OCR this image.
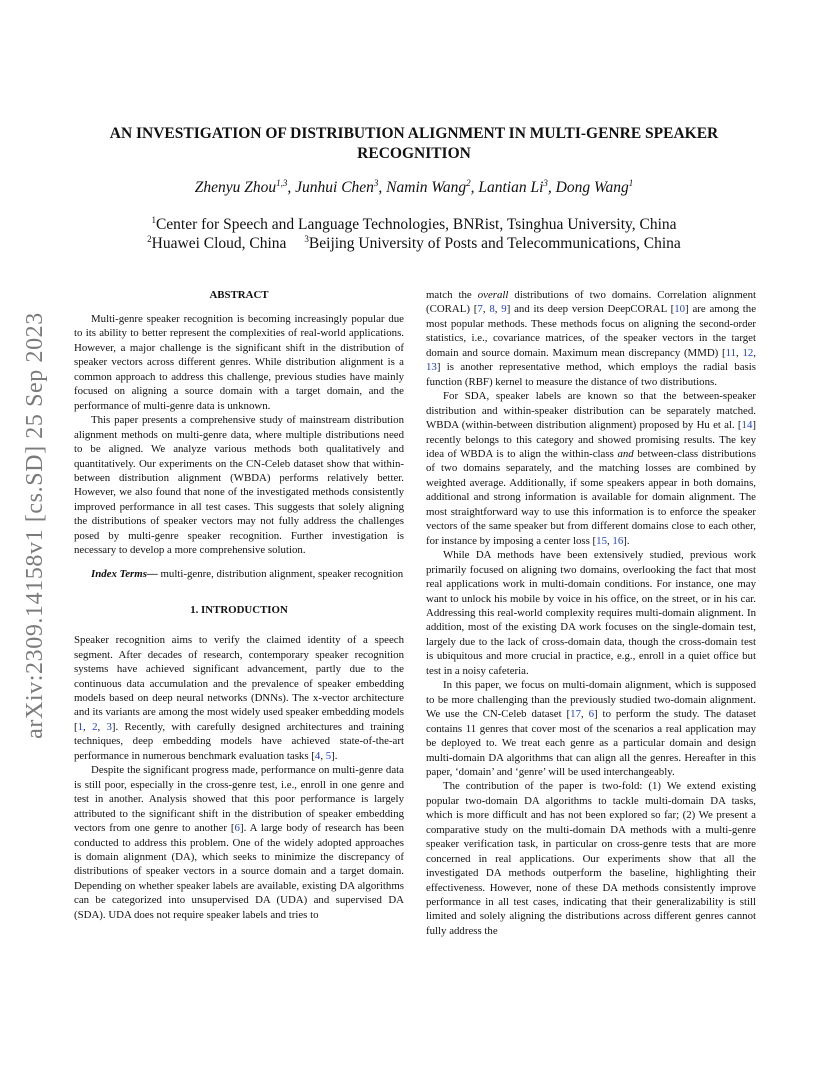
arXiv:2309.14158v1 [cs.SD] 25 Sep 2023
AN INVESTIGATION OF DISTRIBUTION ALIGNMENT IN MULTI-GENRE SPEAKER
RECOGNITION
Zhenyu Zhou$^{1,3}$, Junhui Chen$^3$, Namin Wang$^2$, Lantian Li$^3$, Dong Wang$^1$
$^1$Center for Speech and Language Technologies, BNRist, Tsinghua University, China
$^2$Huawei Cloud, China $^3$Beijing University of Posts and Telecommunications, China
ABSTRACT

Multi-genre speaker recognition is becoming increasingly popular due to its ability to better represent the complexities of real-world applications. However, a major challenge is the significant shift in the distribution of speaker vectors across different genres. While distribution alignment is a common approach to address this challenge, previous studies have mainly focused on aligning a source domain with a target domain, and the performance of multi-genre data is unknown.

This paper presents a comprehensive study of mainstream distribution alignment methods on multi-genre data, where multiple distributions need to be aligned. We analyze various methods both qualitatively and quantitatively. Our experiments on the CN-Celeb dataset show that within-between distribution alignment (WBDA) performs relatively better. However, we also found that none of the investigated methods consistently improved performance in all test cases. This suggests that solely aligning the distributions of speaker vectors may not fully address the challenges posed by multi-genre speaker recognition. Further investigation is necessary to develop a more comprehensive solution.

Index Terms— multi-genre, distribution alignment, speaker recognition

1. INTRODUCTION

Speaker recognition aims to verify the claimed identity of a speech segment. After decades of research, contemporary speaker recognition systems have achieved significant advancement, partly due to the continuous data accumulation and the prevalence of speaker embedding models based on deep neural networks (DNNs). The x-vector architecture and its variants are among the most widely used speaker embedding models [1, 2, 3]. Recently, with carefully designed architectures and training techniques, deep embedding models have achieved state-of-the-art performance in numerous benchmark evaluation tasks [4, 5].

Despite the significant progress made, performance on multi-genre data is still poor, especially in the cross-genre test, i.e., enroll in one genre and test in another. Analysis showed that this poor performance is largely attributed to the significant shift in the distribution of speaker embedding vectors from one genre to another [6]. A large body of research has been conducted to address this problem. One of the widely adopted approaches is domain alignment (DA), which seeks to minimize the discrepancy of distributions of speaker vectors in a source domain and a target domain. Depending on whether speaker labels are available, existing DA algorithms can be categorized into unsupervised DA (UDA) and supervised DA (SDA). UDA does not require speaker labels and tries to

match the overall distributions of two domains. Correlation alignment (CORAL) [7, 8, 9] and its deep version DeepCORAL [10] are among the most popular methods. These methods focus on aligning the second-order statistics, i.e., covariance matrices, of the speaker vectors in the target domain and source domain. Maximum mean discrepancy (MMD) [11, 12, 13] is another representative method, which employs the radial basis function (RBF) kernel to measure the distance of two distributions.

For SDA, speaker labels are known so that the between-speaker distribution and within-speaker distribution can be separately matched. WBDA (within-between distribution alignment) proposed by Hu et al. [14] recently belongs to this category and showed promising results. The key idea of WBDA is to align the within-class and between-class distributions of two domains separately, and the matching losses are combined by weighted average. Additionally, if some speakers appear in both domains, additional and strong information is available for domain alignment. The most straightforward way to use this information is to enforce the speaker vectors of the same speaker but from different domains close to each other, for instance by imposing a center loss [15, 16].

While DA methods have been extensively studied, previous work primarily focused on aligning two domains, overlooking the fact that most real applications work in multi-domain conditions. For instance, one may want to unlock his mobile by voice in his office, on the street, or in his car. Addressing this real-world complexity requires multi-domain alignment. In addition, most of the existing DA work focuses on the single-domain test, largely due to the lack of cross-domain data, though the cross-domain test is ubiquitous and more crucial in practice, e.g., enroll in a quiet office but test in a noisy cafeteria.

In this paper, we focus on multi-domain alignment, which is supposed to be more challenging than the previously studied two-domain alignment. We use the CN-Celeb dataset [17, 6] to perform the study. The dataset contains 11 genres that cover most of the scenarios a real application may be deployed to. We treat each genre as a particular domain and design multi-domain DA algorithms that can align all the genres. Hereafter in this paper, ‘domain’ and ‘genre’ will be used interchangeably.

The contribution of the paper is two-fold: (1) We extend existing popular two-domain DA algorithms to tackle multi-domain DA tasks, which is more difficult and has not been explored so far; (2) We present a comparative study on the multi-domain DA methods with a multi-genre speaker verification task, in particular on cross-genre tests that are more concerned in real applications. Our experiments show that all the investigated DA methods outperform the baseline, highlighting their effectiveness. However, none of these DA methods consistently improve performance in all test cases, indicating that their generalizability is still limited and solely aligning the distributions across different genres cannot fully address the
